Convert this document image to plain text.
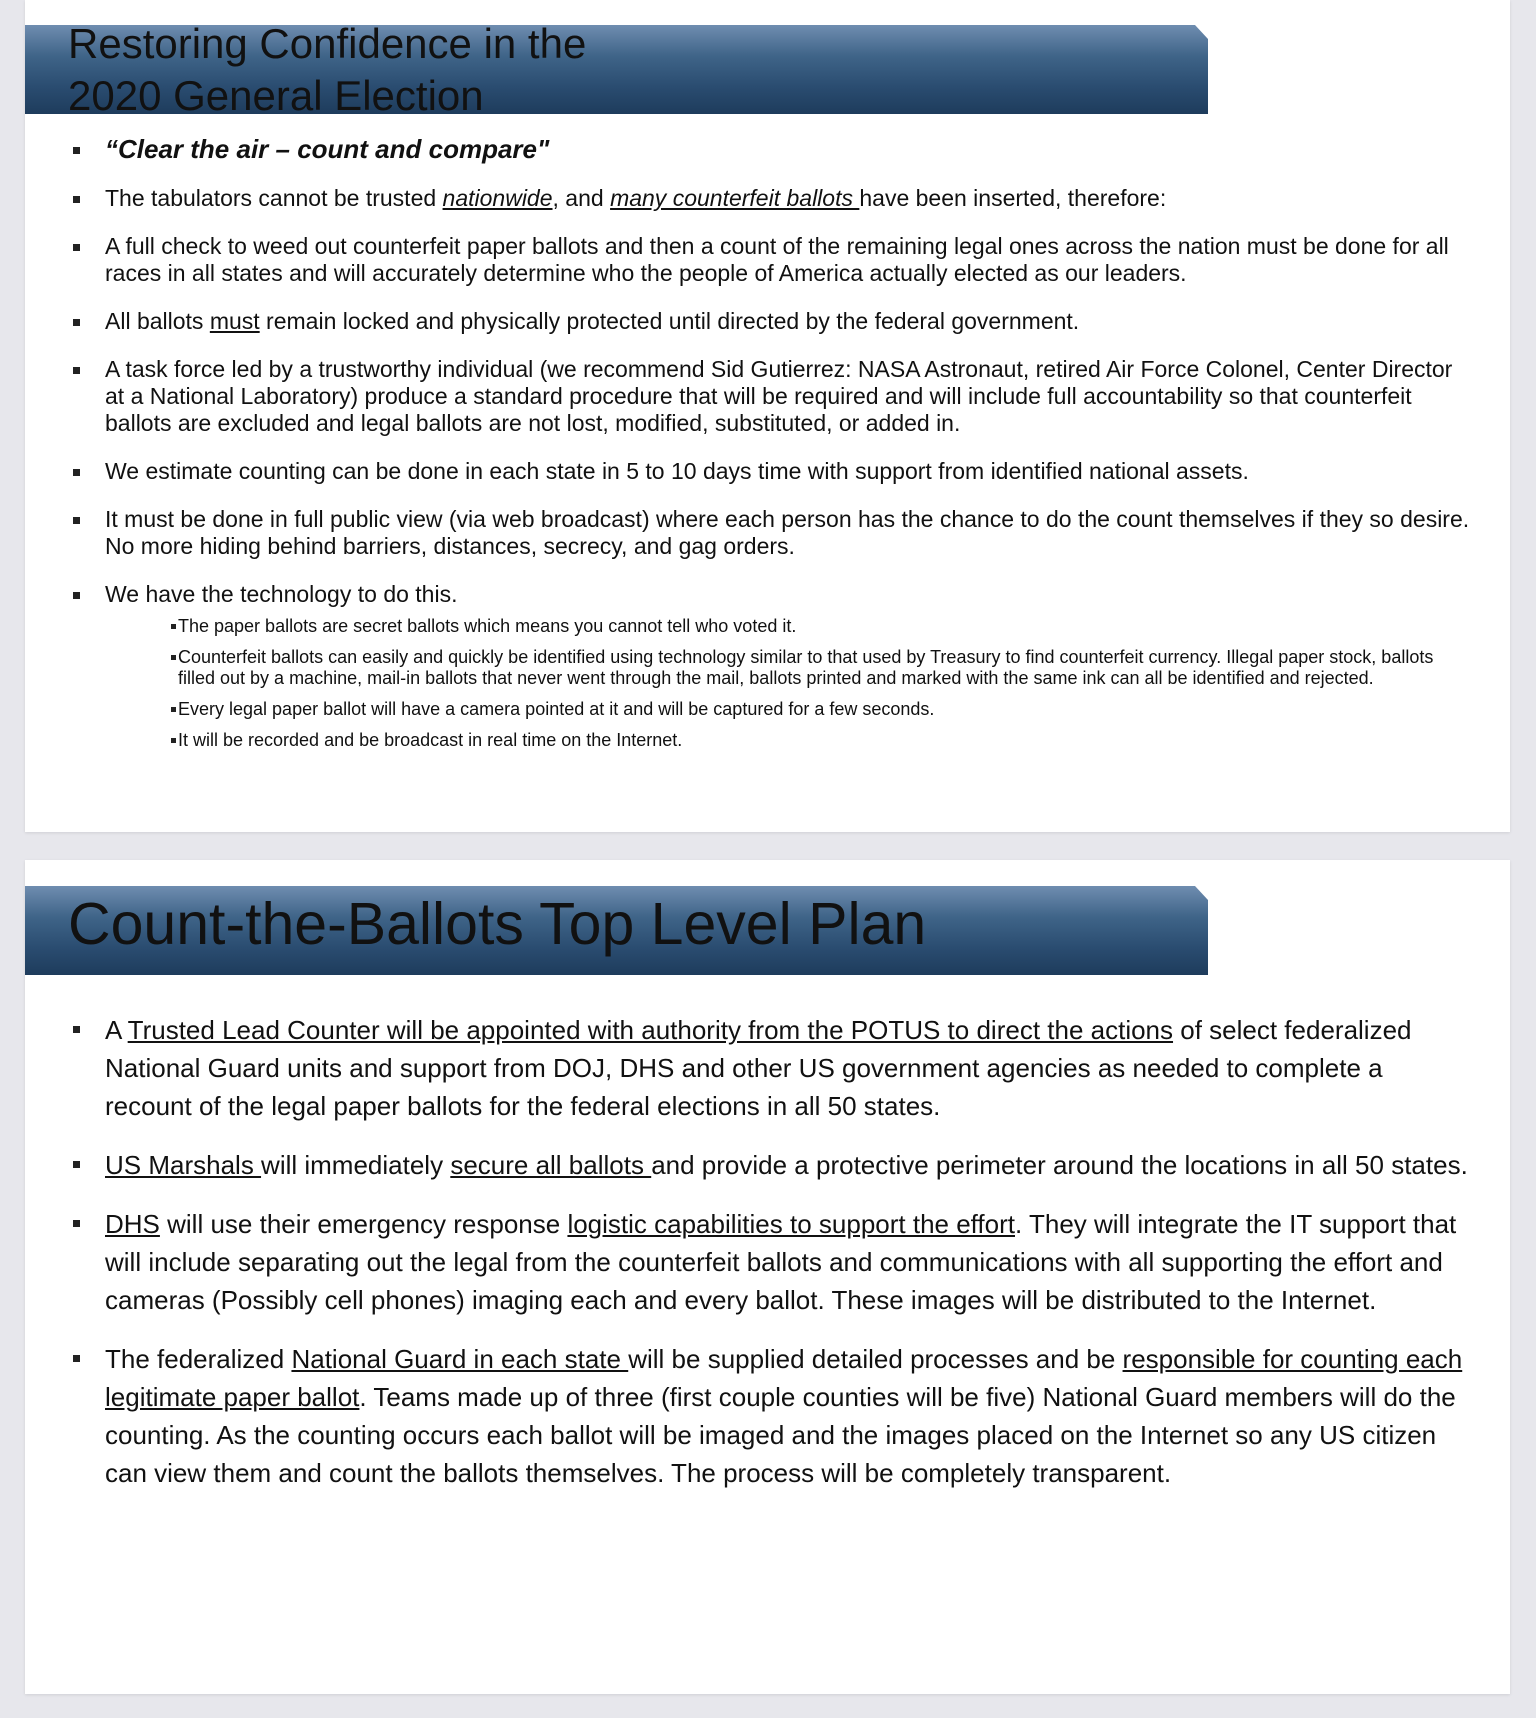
Restoring Confidence in the
2020 General Election
“Clear the air – count and compare"
The tabulators cannot be trusted nationwide, and many counterfeit ballots have been inserted, therefore:
A full check to weed out counterfeit paper ballots and then a count of the remaining legal ones across the nation must be done for all races in all states and will accurately determine who the people of America actually elected as our leaders.
All ballots must remain locked and physically protected until directed by the federal government.
A task force led by a trustworthy individual (we recommend Sid Gutierrez: NASA Astronaut, retired Air Force Colonel, Center Director at a National Laboratory) produce a standard procedure that will be required and will include full accountability so that counterfeit ballots are excluded and legal ballots are not lost, modified, substituted, or added in.
We estimate counting can be done in each state in 5 to 10 days time with support from identified national assets.
It must be done in full public view (via web broadcast) where each person has the chance to do the count themselves if they so desire. No more hiding behind barriers, distances, secrecy, and gag orders.
We have the technology to do this.
The paper ballots are secret ballots which means you cannot tell who voted it.
Counterfeit ballots can easily and quickly be identified using technology similar to that used by Treasury to find counterfeit currency. Illegal paper stock, ballots filled out by a machine, mail-in ballots that never went through the mail, ballots printed and marked with the same ink can all be identified and rejected.
Every legal paper ballot will have a camera pointed at it and will be captured for a few seconds.
It will be recorded and be broadcast in real time on the Internet.
Count-the-Ballots Top Level Plan
A Trusted Lead Counter will be appointed with authority from the POTUS to direct the actions of select federalized National Guard units and support from DOJ, DHS and other US government agencies as needed to complete a recount of the legal paper ballots for the federal elections in all 50 states.
US Marshals will immediately secure all ballots and provide a protective perimeter around the locations in all 50 states.
DHS will use their emergency response logistic capabilities to support the effort. They will integrate the IT support that will include separating out the legal from the counterfeit ballots and communications with all supporting the effort and cameras (Possibly cell phones) imaging each and every ballot. These images will be distributed to the Internet.
The federalized National Guard in each state will be supplied detailed processes and be responsible for counting each legitimate paper ballot. Teams made up of three (first couple counties will be five) National Guard members will do the counting. As the counting occurs each ballot will be imaged and the images placed on the Internet so any US citizen can view them and count the ballots themselves. The process will be completely transparent.
